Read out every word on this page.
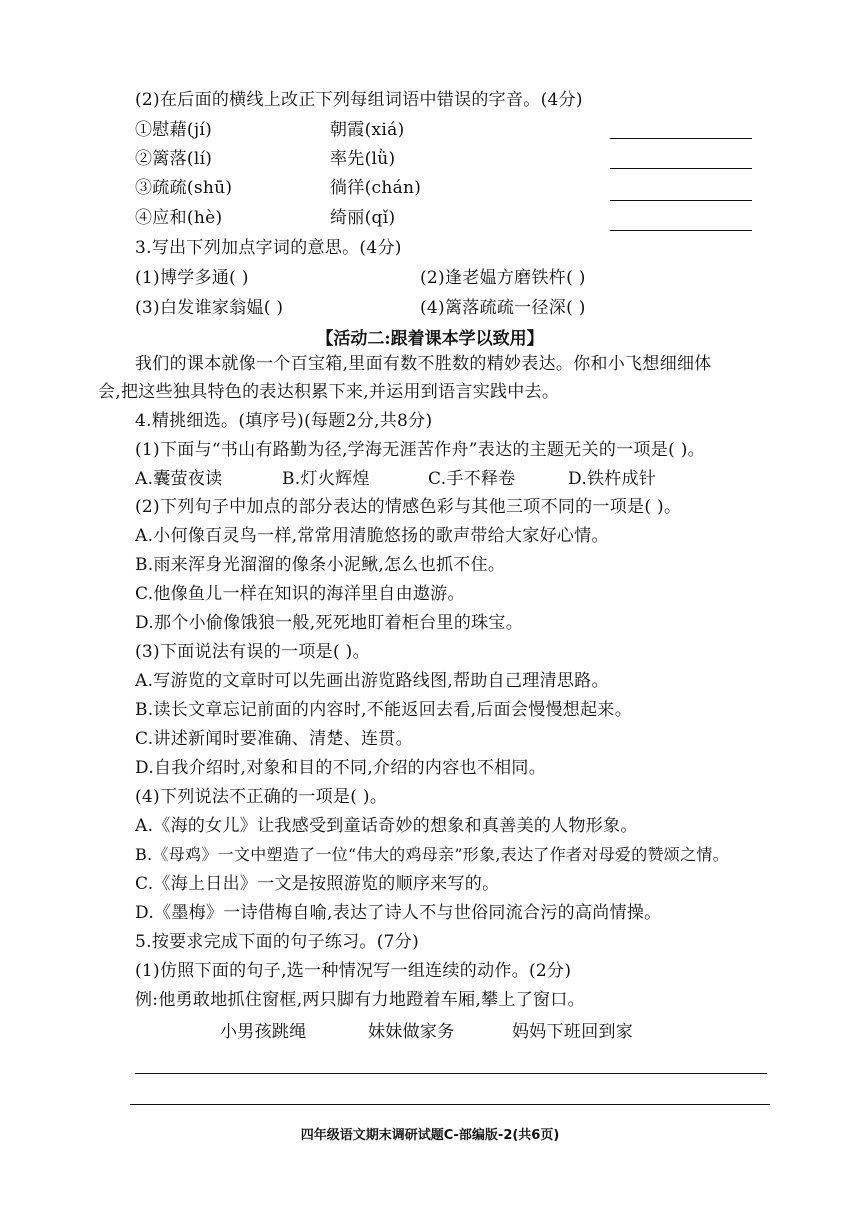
(2)在后面的横线上改正下列每组词语中错误的字音。(4分)
①慰藉(jí)	朝霞(xiá)
②篱落(lí)	率先(lǜ)
③疏疏(shū)	徜徉(chán)
④应和(hè)	绮丽(qǐ)
3.写出下列加点字词的意思。(4分)
(1)博学多通( )	(2)逢老媪方磨铁杵( )
(3)白发谁家翁媪( )	(4)篱落疏疏一径深( )
【活动二:跟着课本学以致用】
我们的课本就像一个百宝箱,里面有数不胜数的精妙表达。你和小飞想细细体
会,把这些独具特色的表达积累下来,并运用到语言实践中去。
4.精挑细选。(填序号)(每题2分,共8分)
(1)下面与“书山有路勤为径,学海无涯苦作舟”表达的主题无关的一项是( )。
A.囊萤夜读	B.灯火辉煌	C.手不释卷	D.铁杵成针
(2)下列句子中加点的部分表达的情感色彩与其他三项不同的一项是( )。
A.小何像百灵鸟一样,常常用清脆悠扬的歌声带给大家好心情。
B.雨来浑身光溜溜的像条小泥鳅,怎么也抓不住。
C.他像鱼儿一样在知识的海洋里自由遨游。
D.那个小偷像饿狼一般,死死地盯着柜台里的珠宝。
(3)下面说法有误的一项是( )。
A.写游览的文章时可以先画出游览路线图,帮助自己理清思路。
B.读长文章忘记前面的内容时,不能返回去看,后面会慢慢想起来。
C.讲述新闻时要准确、清楚、连贯。
D.自我介绍时,对象和目的不同,介绍的内容也不相同。
(4)下列说法不正确的一项是( )。
A.《海的女儿》让我感受到童话奇妙的想象和真善美的人物形象。
B.《母鸡》一文中塑造了一位“伟大的鸡母亲”形象,表达了作者对母爱的赞颂之情。
C.《海上日出》一文是按照游览的顺序来写的。
D.《墨梅》一诗借梅自喻,表达了诗人不与世俗同流合污的高尚情操。
5.按要求完成下面的句子练习。(7分)
(1)仿照下面的句子,选一种情况写一组连续的动作。(2分)
例:他勇敢地抓住窗框,两只脚有力地蹬着车厢,攀上了窗口。
小男孩跳绳	妹妹做家务	妈妈下班回到家
四年级语文期末调研试题C-部编版-2(共6页)
